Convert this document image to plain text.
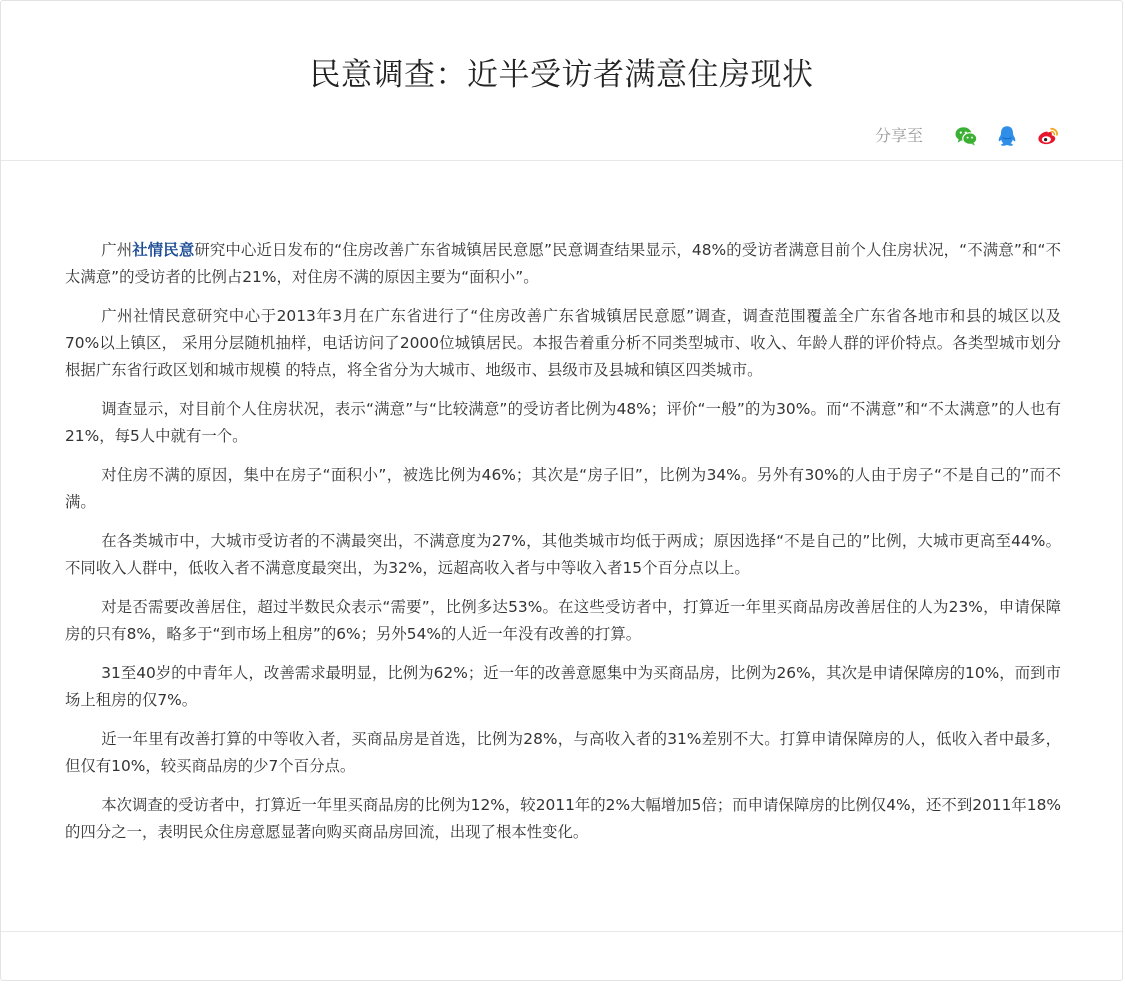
民意调查：近半受访者满意住房现状
分享至

广州社情民意研究中心近日发布的“住房改善广东省城镇居民意愿”民意调查结果显示，48%的受访者满意目前个人住房状况，“不满意”和“不太满意”的受访者的比例占21%，对住房不满的原因主要为“面积小”。

广州社情民意研究中心于2013年3月在广东省进行了“住房改善广东省城镇居民意愿”调查，调查范围覆盖全广东省各地市和县的城区以及70%以上镇区， 采用分层随机抽样，电话访问了2000位城镇居民。本报告着重分析不同类型城市、收入、年龄人群的评价特点。各类型城市划分根据广东省行政区划和城市规模 的特点，将全省分为大城市、地级市、县级市及县城和镇区四类城市。

调查显示，对目前个人住房状况，表示“满意”与“比较满意”的受访者比例为48%；评价“一般”的为30%。而“不满意”和“不太满意”的人也有21%，每5人中就有一个。

对住房不满的原因，集中在房子“面积小”，被选比例为46%；其次是“房子旧”，比例为34%。另外有30%的人由于房子“不是自己的”而不满。

在各类城市中，大城市受访者的不满最突出，不满意度为27%，其他类城市均低于两成；原因选择“不是自己的”比例，大城市更高至44%。不同收入人群中，低收入者不满意度最突出，为32%，远超高收入者与中等收入者15个百分点以上。

对是否需要改善居住，超过半数民众表示“需要”，比例多达53%。在这些受访者中，打算近一年里买商品房改善居住的人为23%，申请保障房的只有8%，略多于“到市场上租房”的6%；另外54%的人近一年没有改善的打算。

31至40岁的中青年人，改善需求最明显，比例为62%；近一年的改善意愿集中为买商品房，比例为26%，其次是申请保障房的10%，而到市场上租房的仅7%。

近一年里有改善打算的中等收入者，买商品房是首选，比例为28%，与高收入者的31%差别不大。打算申请保障房的人，低收入者中最多，但仅有10%，较买商品房的少7个百分点。

本次调查的受访者中，打算近一年里买商品房的比例为12%，较2011年的2%大幅增加5倍；而申请保障房的比例仅4%，还不到2011年18%的四分之一，表明民众住房意愿显著向购买商品房回流，出现了根本性变化。
